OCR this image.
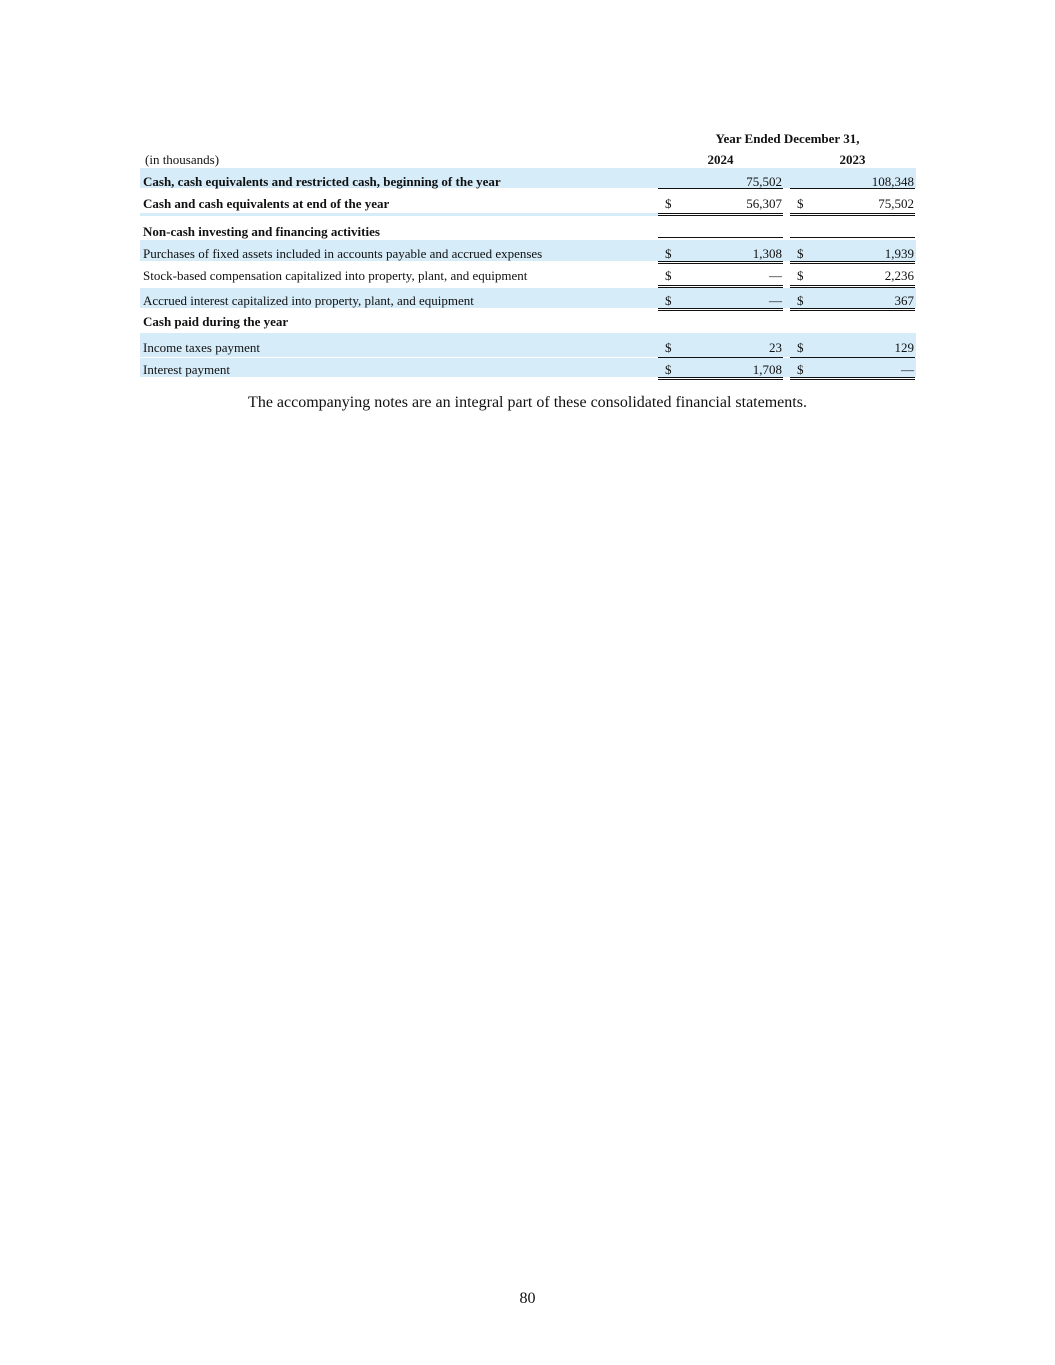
Year Ended December 31,
(in thousands)	2024	2023
Cash, cash equivalents and restricted cash, beginning of the year	75,502	108,348
Cash and cash equivalents at end of the year	$	56,307 $	75,502
Non-cash investing and financing activities
Purchases of fixed assets included in accounts payable and accrued expenses	$	1,308 $	1,939
Stock-based compensation capitalized into property, plant, and equipment	$	— $	2,236
Accrued interest capitalized into property, plant, and equipment	$	— $	367
Cash paid during the year
Income taxes payment	$	23 $	129
Interest payment	$	1,708 $	—
The accompanying notes are an integral part of these consolidated financial statements.
80
